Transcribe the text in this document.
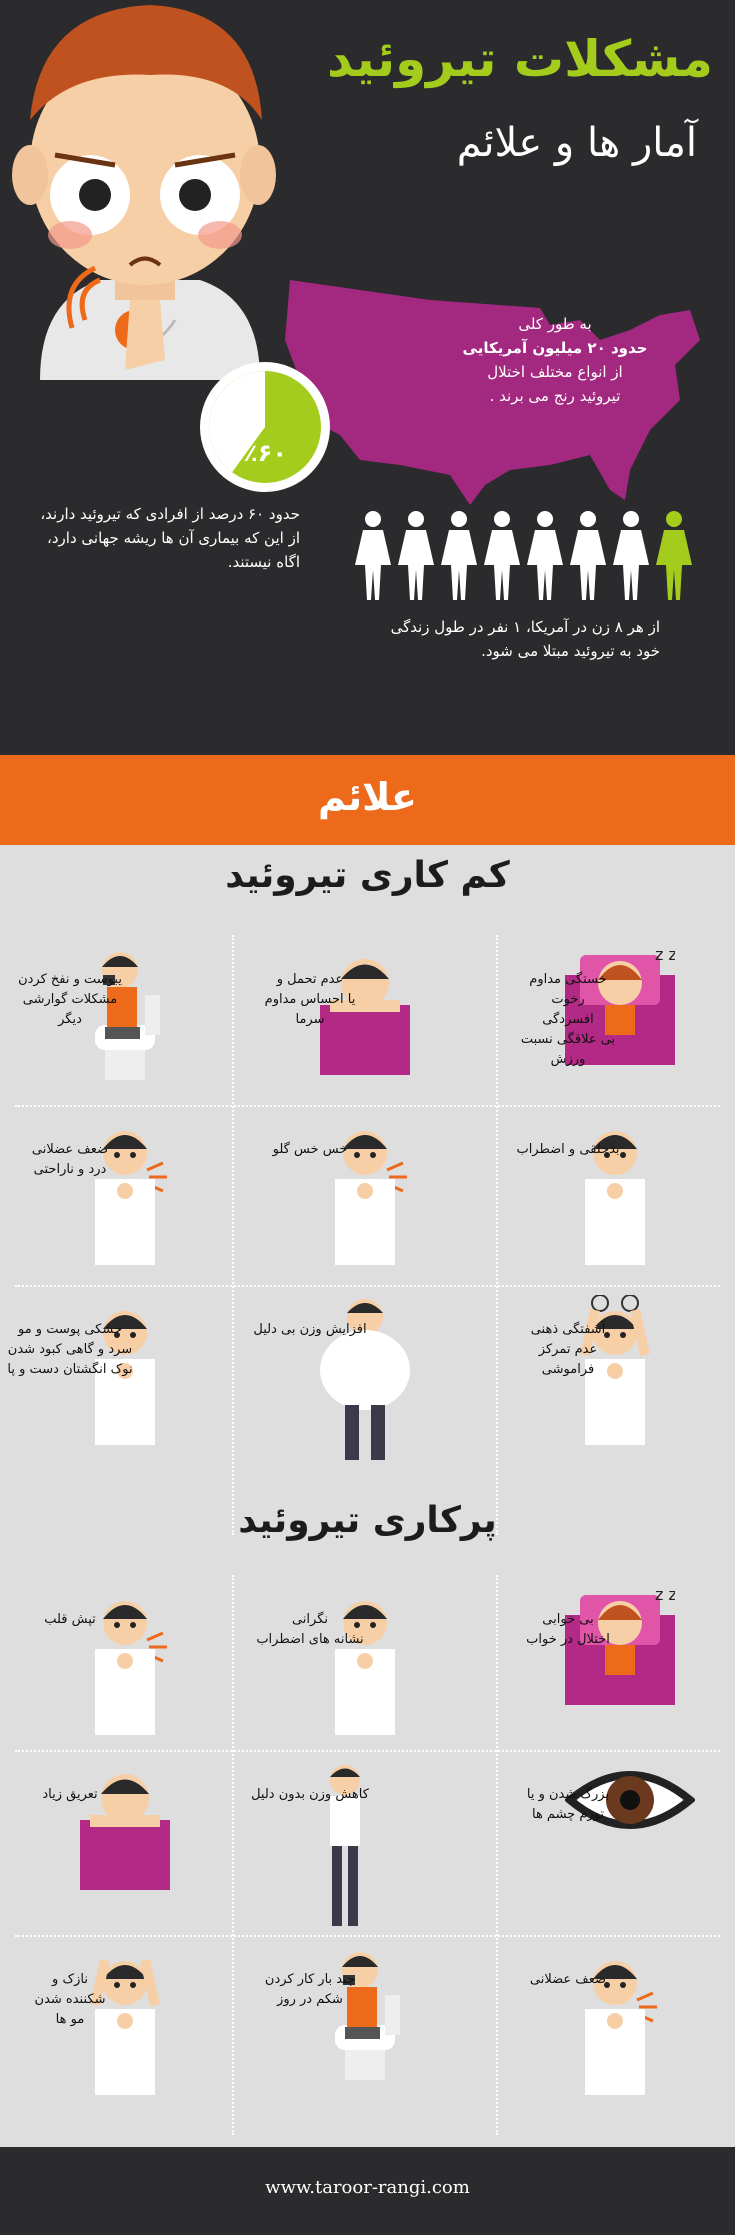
مشکلات تیروئید
آمار ها و علائم
به طور کلی
حدود ۲۰ میلیون آمریکایی
از انواع مختلف اختلال
تیروئید رنج می برند .
٪۶۰
حدود ۶۰ درصد از افرادی که تیروئید دارند، از این که بیماری آن ها ریشه جهانی دارد، اگاه نیستند.
از هر ۸ زن در آمریکا، ۱ نفر در طول زندگی خود به تیروئید مبتلا می شود.
علائم
کم کاری تیروئید
z z
خستگی مداوم
رخوت
افسردگی
بی علاقگی نسبت
ورزش
عدم تحمل و
یا احساس مداوم
سرما
یبوست و نفخ کردن
مشکلات گوارشی
دیگر
بدخلقی و اضطراب
خس خس گلو
ضعف عضلانی
درد و ناراحتی
آشفتگی ذهنی
عدم تمرکز
فراموشی
افزایش وزن بی دلیل
خشکی پوست و مو
سرد و گاهی کبود شدن
نوک انگشتان دست و پا
پرکاری تیروئید
z z
بی خوابی
اختلال در خواب
نگرانی
نشانه های اضطراب
تپش قلب
بزرگ شدن و یا
تورم چشم ها
کاهش وزن بدون دلیل
تعریق زیاد
ضعف عضلانی
چند بار کار کردن
شکم در روز
نازک و
شکننده شدن
مو ها
www.taroor-rangi.com
